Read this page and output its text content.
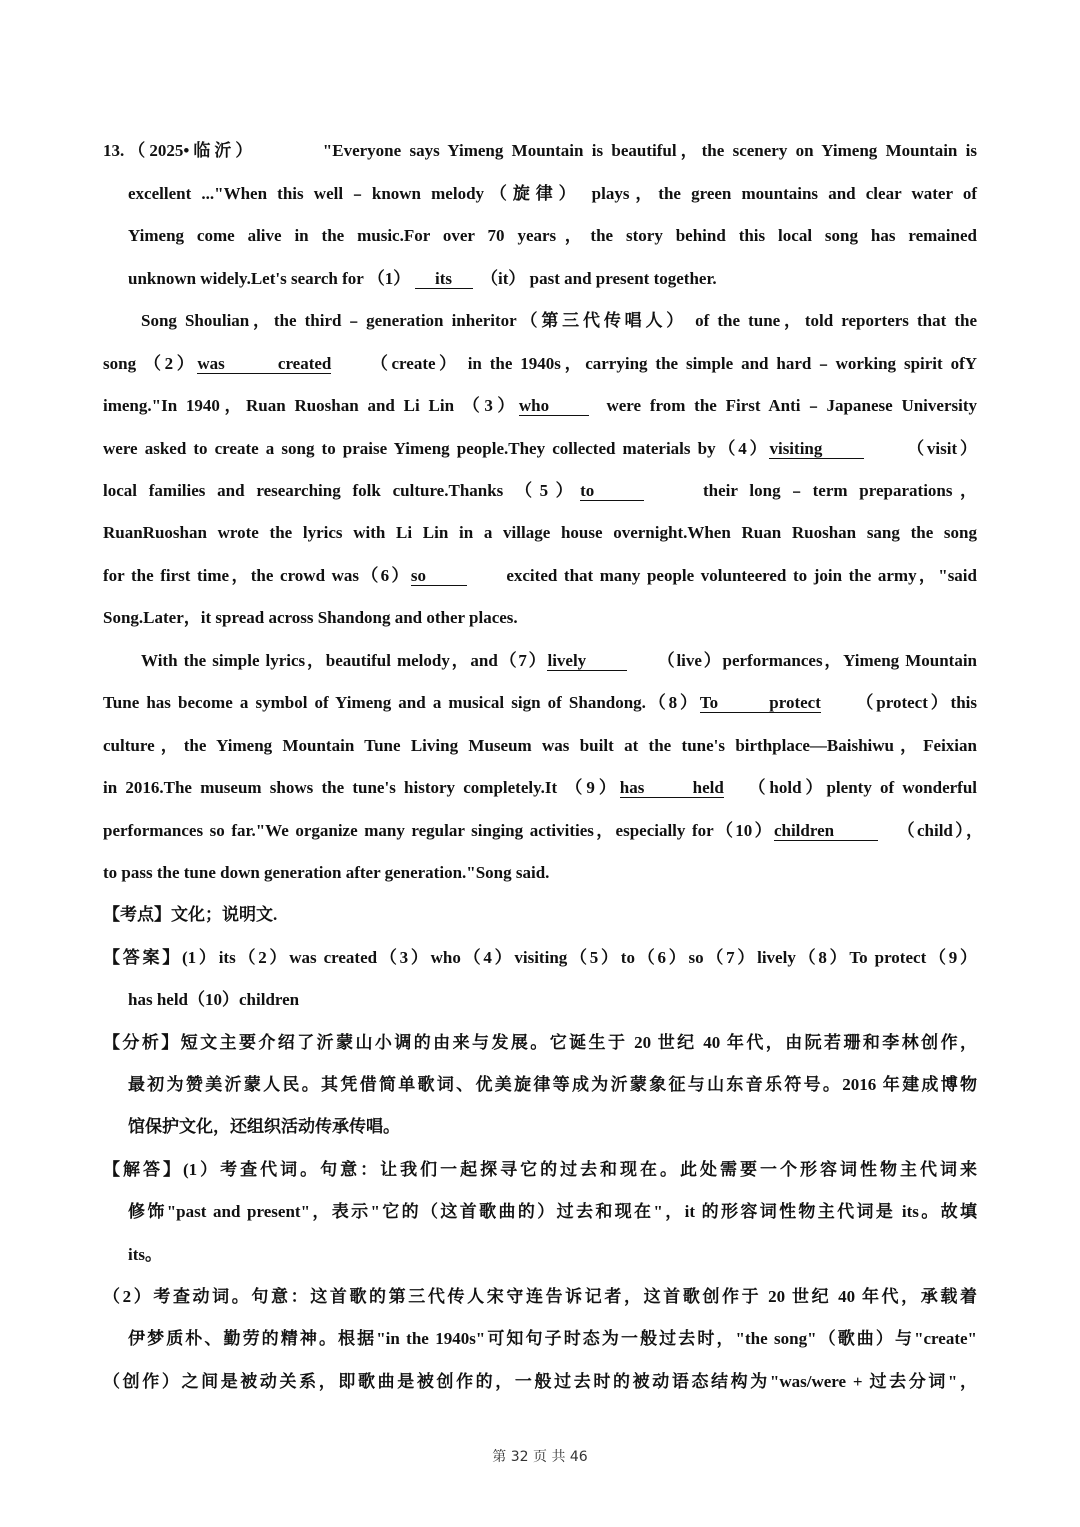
13.（2025•临沂）	"Everyone says Yimeng Mountain is beautiful，the scenery on Yimeng Mountain is
excellent ..."When this well﹣known melody（旋律） plays，the green mountains and clear water of
Yimeng come alive in the music.For over 70 years，the story behind this local song has remained
unknown widely.Let's search for （1） its （it） past and present together.
Song Shoulian，the third﹣generation inheritor（第三代传唱人） of the tune，told reporters that the
song （2）was created （create） in the 1940s，carrying the simple and hard﹣working spirit ofY
imeng."In 1940，Ruan Ruoshan and Li Lin （3）who	were from the First Anti﹣Japanese University
were asked to create a song to praise Yimeng people.They collected materials by（4）visiting	（visit）
local families and researching folk culture.Thanks （5）to	their long﹣term preparations，
RuanRuoshan wrote the lyrics with Li Lin in a village house overnight.When Ruan Ruoshan sang the song
for the first time，the crowd was（6）so	excited that many people volunteered to join the army，"said
Song.Later，it spread across Shandong and other places.
With the simple lyrics，beautiful melody，and（7）lively	（live）performances，Yimeng Mountain
Tune has become a symbol of Yimeng and a musical sign of Shandong.（8）To protect （protect）this
culture，the Yimeng Mountain Tune Living Museum was built at the tune's birthplace—Baishiwu，Feixian
in 2016.The museum shows the tune's history completely.It （9）has held （hold）plenty of wonderful
performances so far."We organize many regular singing activities，especially for（10）children	（child），
to pass the tune down generation after generation."Song said.
【考点】文化；说明文.
【答案】(1）its（2）was created（3）who（4）visiting（5）to（6）so（7）lively（8）To protect（9）
has held（10）children
【分析】短文主要介绍了沂蒙山小调的由来与发展。它诞生于 20 世纪 40 年代，由阮若珊和李林创作，
最初为赞美沂蒙人民。其凭借简单歌词、优美旋律等成为沂蒙象征与山东音乐符号。2016 年建成博物
馆保护文化，还组织活动传承传唱。
【解答】(1）考查代词。句意：让我们一起探寻它的过去和现在。此处需要一个形容词性物主代词来
修饰"past and present"，表示"它的（这首歌曲的）过去和现在"，it 的形容词性物主代词是 its。故填
its。
（2）考查动词。句意：这首歌的第三代传人宋守连告诉记者，这首歌创作于 20 世纪 40 年代，承载着
伊梦质朴、勤劳的精神。根据"in the 1940s"可知句子时态为一般过去时，"the song"（歌曲）与"create"
（创作）之间是被动关系，即歌曲是被创作的，一般过去时的被动语态结构为"was/were + 过去分词"，
第 32 页 共 46
